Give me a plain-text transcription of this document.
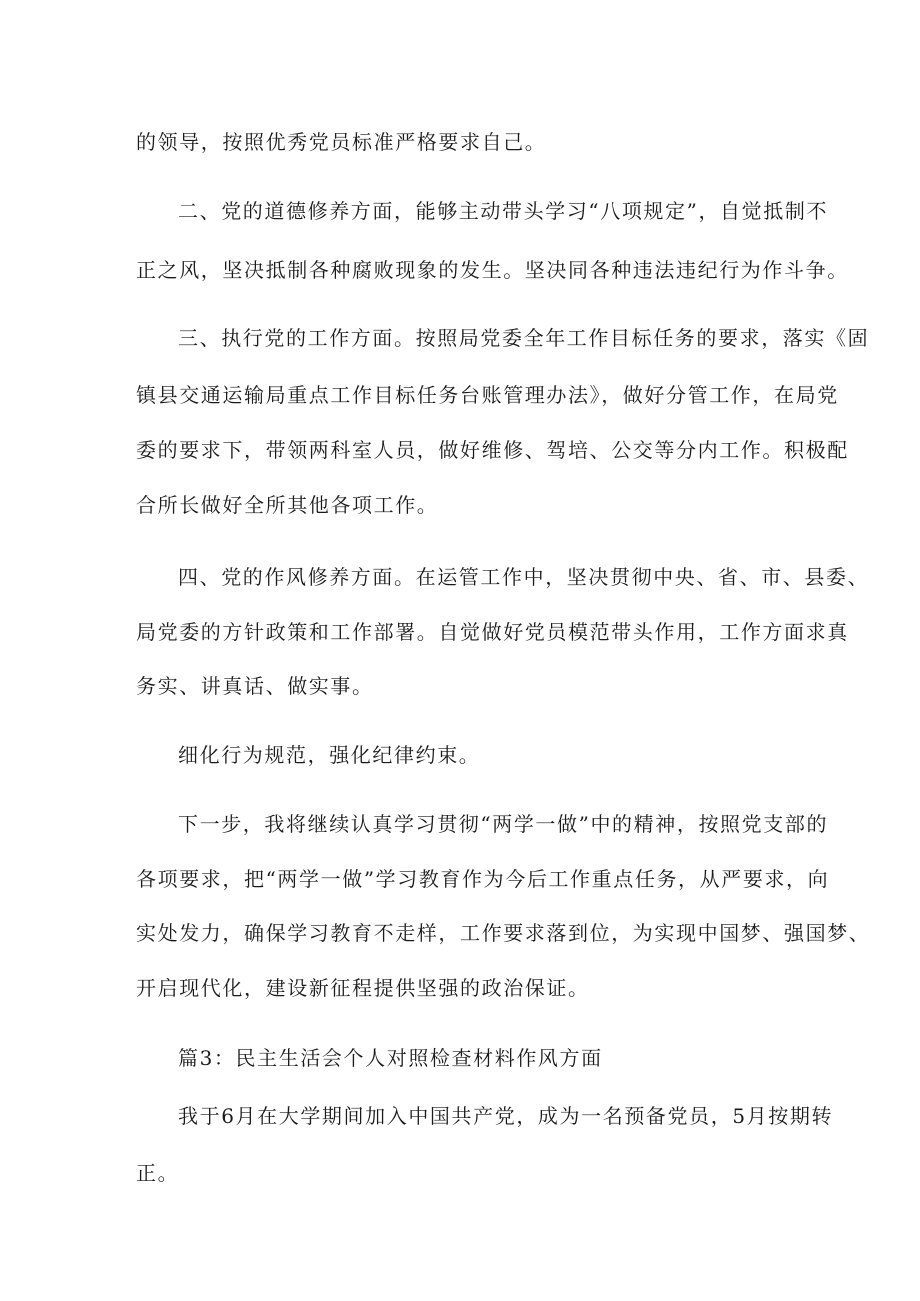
的领导，按照优秀党员标准严格要求自己。
二、党的道德修养方面，能够主动带头学习“八项规定”，自觉抵制不
正之风，坚决抵制各种腐败现象的发生。坚决同各种违法违纪行为作斗争。
三、执行党的工作方面。按照局党委全年工作目标任务的要求，落实《固
镇县交通运输局重点工作目标任务台账管理办法》，做好分管工作，在局党
委的要求下，带领两科室人员，做好维修、驾培、公交等分内工作。积极配
合所长做好全所其他各项工作。
四、党的作风修养方面。在运管工作中，坚决贯彻中央、省、市、县委、
局党委的方针政策和工作部署。自觉做好党员模范带头作用，工作方面求真
务实、讲真话、做实事。
细化行为规范，强化纪律约束。
下一步，我将继续认真学习贯彻“两学一做”中的精神，按照党支部的
各项要求，把“两学一做”学习教育作为今后工作重点任务，从严要求，向
实处发力，确保学习教育不走样，工作要求落到位，为实现中国梦、强国梦、
开启现代化，建设新征程提供坚强的政治保证。
篇3：民主生活会个人对照检查材料作风方面
我于6月在大学期间加入中国共产党，成为一名预备党员，5月按期转
正。
